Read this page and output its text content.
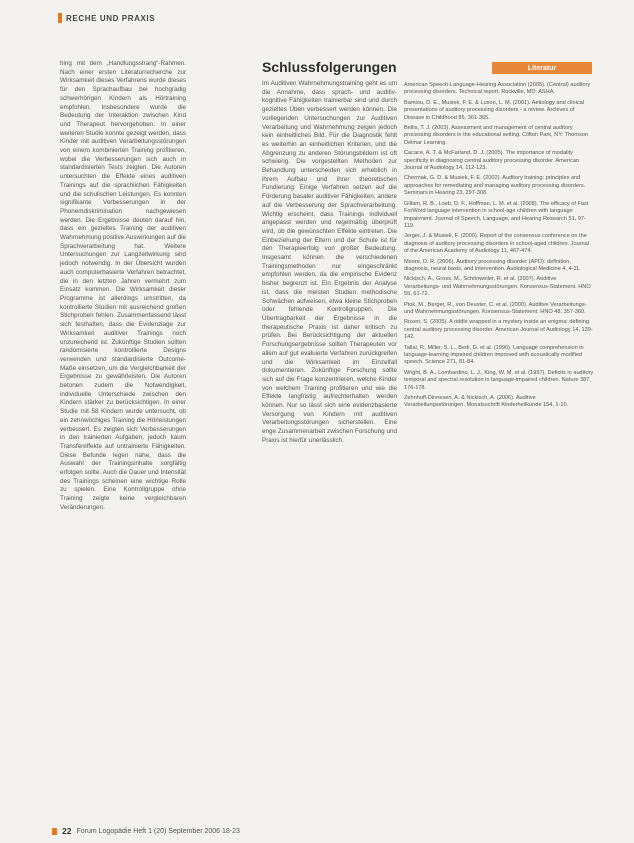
RECHE UND PRAXIS

hing mit dem „Handlungsstrang“-Rahmen. Nach einer ersten Literaturrecherche zur Wirksamkeit dieses Verfahrens wurde dieses für den Sprachaufbau bei hochgradig schwerhörigen Kindern als Hörtraining empfohlen. Insbesondere wurde die Bedeutung der Interaktion zwischen Kind und Therapeut hervorgehoben. In einer weiteren Studie konnte gezeigt werden, dass Kinder mit auditiven Verarbeitungsstörungen von einem kombinierten Training profitieren, wobei die Verbesserungen sich auch in standardisierten Tests zeigten. Die Autoren untersuchten die Effekte eines auditiven Trainings auf die sprachlichen Fähigkeiten und die schulischen Leistungen. Es konnten signifikante Verbesserungen in der Phonemdiskrimination nachgewiesen werden. Die Ergebnisse deuten darauf hin, dass ein gezieltes Training der auditiven Wahrnehmung positive Auswirkungen auf die Sprachverarbeitung hat. Weitere Untersuchungen zur Langzeitwirkung sind jedoch notwendig. In der Übersicht wurden auch computerbasierte Verfahren betrachtet, die in den letzten Jahren vermehrt zum Einsatz kommen. Die Wirksamkeit dieser Programme ist allerdings umstritten, da kontrollierte Studien mit ausreichend großen Stichproben fehlen. Zusammenfassend lässt sich festhalten, dass die Evidenzlage zur Wirksamkeit auditiver Trainings noch unzureichend ist. Zukünftige Studien sollten randomisierte kontrollierte Designs verwenden und standardisierte Outcome-Maße einsetzen, um die Vergleichbarkeit der Ergebnisse zu gewährleisten. Die Autoren betonen zudem die Notwendigkeit, individuelle Unterschiede zwischen den Kindern stärker zu berücksichtigen. In einer Studie mit 58 Kindern wurde untersucht, ob ein zehnwöchiges Training die Hörleistungen verbessert. Es zeigten sich Verbesserungen in den trainierten Aufgaben, jedoch kaum Transfereffekte auf untrainierte Fähigkeiten. Diese Befunde legen nahe, dass die Auswahl der Trainingsinhalte sorgfältig erfolgen sollte. Auch die Dauer und Intensität des Trainings scheinen eine wichtige Rolle zu spielen. Eine Kontrollgruppe ohne Training zeigte keine vergleichbaren Veränderungen.

Schlussfolgerungen

Im Auditiven Wahrnehmungstraining geht es um die Annahme, dass sprach- und auditiv-kognitive Fähigkeiten trainierbar sind und durch gezieltes Üben verbessert werden können. Die vorliegenden Untersuchungen zur Auditiven Verarbeitung und Wahrnehmung zeigen jedoch kein einheitliches Bild. Für die Diagnostik fehlt es weiterhin an einheitlichen Kriterien, und die Abgrenzung zu anderen Störungsbildern ist oft schwierig. Die vorgestellten Methoden zur Behandlung unterscheiden sich erheblich in ihrem Aufbau und ihrer theoretischen Fundierung. Einige Verfahren setzen auf die Förderung basaler auditiver Fähigkeiten, andere auf die Verbesserung der Sprachverarbeitung. Wichtig erscheint, dass Trainings individuell angepasst werden und regelmäßig überprüft wird, ob die gewünschten Effekte eintreten. Die Einbeziehung der Eltern und der Schule ist für den Therapieerfolg von großer Bedeutung. Insgesamt können die verschiedenen Trainingsmethoden nur eingeschränkt empfohlen werden, da die empirische Evidenz bisher begrenzt ist. Ein Ergebnis der Analyse ist, dass die meisten Studien methodische Schwächen aufweisen, etwa kleine Stichproben oder fehlende Kontrollgruppen. Die Übertragbarkeit der Ergebnisse in die therapeutische Praxis ist daher kritisch zu prüfen. Bei Berücksichtigung der aktuellen Forschungsergebnisse sollten Therapeuten vor allem auf gut evaluierte Verfahren zurückgreifen und die Wirksamkeit im Einzelfall dokumentieren. Zukünftige Forschung sollte sich auf die Frage konzentrieren, welche Kinder von welchem Training profitieren und wie die Effekte langfristig aufrechterhalten werden können. Nur so lässt sich eine evidenzbasierte Versorgung von Kindern mit auditiven Verarbeitungsstörungen sicherstellen. Eine enge Zusammenarbeit zwischen Forschung und Praxis ist hierfür unerlässlich.

Literatur

American Speech-Language-Hearing Association (2005). (Central) auditory processing disorders. Technical report. Rockville, MD: ASHA.

Bamiou, D. E., Musiek, F. E. & Luxon, L. M. (2001). Aetiology and clinical presentations of auditory processing disorders - a review. Archives of Disease in Childhood 85, 361-365.

Bellis, T. J. (2003). Assessment and management of central auditory processing disorders in the educational setting. Clifton Park, NY: Thomson Delmar Learning.

Cacace, A. T. & McFarland, D. J. (2005). The importance of modality specificity in diagnosing central auditory processing disorder. American Journal of Audiology 14, 112-123.

Chermak, G. D. & Musiek, F. E. (2002). Auditory training: principles and approaches for remediating and managing auditory processing disorders. Seminars in Hearing 23, 297-308.

Gillam, R. B., Loeb, D. F., Hoffman, L. M. et al. (2008). The efficacy of Fast ForWord language intervention in school-age children with language impairment. Journal of Speech, Language, and Hearing Research 51, 97-119.

Jerger, J. & Musiek, F. (2000). Report of the consensus conference on the diagnosis of auditory processing disorders in school-aged children. Journal of the American Academy of Audiology 11, 467-474.

Moore, D. R. (2006). Auditory processing disorder (APD): definition, diagnosis, neural basis, and intervention. Audiological Medicine 4, 4-11.

Nickisch, A., Gross, M., Schönweiler, R. et al. (2007). Auditive Verarbeitungs- und Wahrnehmungsstörungen. Konsensus-Statement. HNO 55, 61-72.

Ptok, M., Berger, R., von Deuster, C. et al. (2000). Auditive Verarbeitungs- und Wahrnehmungsstörungen. Konsensus-Statement. HNO 48, 357-360.

Rosen, S. (2005). A riddle wrapped in a mystery inside an enigma: defining central auditory processing disorder. American Journal of Audiology 14, 139-142.

Tallal, P., Miller, S. L., Bedi, G. et al. (1996). Language comprehension in language-learning impaired children improved with acoustically modified speech. Science 271, 81-84.

Wright, B. A., Lombardino, L. J., King, W. M. et al. (1997). Deficits in auditory temporal and spectral resolution in language-impaired children. Nature 387, 176-178.

Zehnhoff-Dinnesen, A. & Nickisch, A. (2006). Auditive Verarbeitungsstörungen. Monatsschrift Kinderheilkunde 154, 1-10.

22 Forum Logopädie Heft 1 (20) September 2006 18-23
